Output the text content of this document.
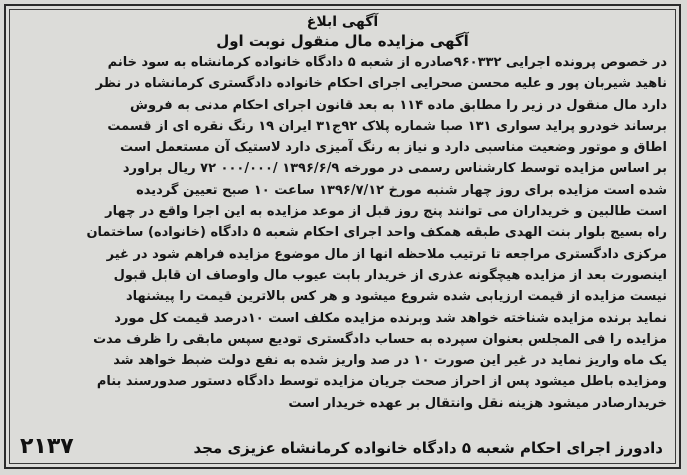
آگهی ابلاغ
آگهی مزایده مال منقول نوبت اول
در خصوص پرونده اجرایی ۹۶۰۳۳۲صادره از شعبه ۵ دادگاه خانواده کرمانشاه به سود خانم
ناهید شیربان پور و علیه محسن صحرایی اجرای احکام خانواده دادگستری کرمانشاه در نظر
دارد مال منقول در زیر را مطابق ماده ۱۱۴ به بعد قانون اجرای احکام مدنی به فروش
برساند خودرو پراید سواری ۱۳۱ صبا شماره پلاک ۹۲ج۳۱ ایران ۱۹ رنگ نقره ای از قسمت
اطاق و موتور وضعیت مناسبی دارد و نیاز به رنگ آمیزی دارد لاستیک آن مستعمل است
بر اساس مزایده توسط کارشناس رسمی در مورخه ۱۳۹۶/۶/۹ /۰۰۰/۰۰۰ ۷۲ ریال براورد
شده است مزایده برای روز چهار شنبه مورخ ۱۳۹۶/۷/۱۲ ساعت ۱۰ صبح تعیین گردیده
است طالبین و خریداران می توانند پنج روز قبل از موعد مزایده به این اجرا واقع در چهار
راه بسیج بلوار بنت الهدی طبقه همکف واحد اجرای احکام شعبه ۵ دادگاه (خانواده) ساختمان
مرکزی دادگستری مراجعه تا ترتیب ملاحظه انها از مال موضوع مزایده فراهم شود در غیر
اینصورت بعد از مزایده هیچگونه عذری از خریدار بابت عیوب مال واوصاف ان قابل قبول
نیست مزایده از قیمت ارزیابی شده شروع میشود و هر کس بالاترین قیمت را پیشنهاد
نماید برنده مزایده شناخته خواهد شد وبرنده مزایده مکلف است ۱۰درصد قیمت کل مورد
مزایده را فی المجلس بعنوان سپرده به حساب دادگستری تودیع سپس مابقی را ظرف مدت
یک ماه واریز نماید در غیر این صورت ۱۰ در صد واریز شده به نفع دولت ضبط خواهد شد
ومزایده باطل میشود پس از احراز صحت جریان مزایده توسط دادگاه دستور صدورسند بنام
خریدارصادر میشود هزینه نقل وانتقال بر عهده خریدار است
دادورز اجرای احکام شعبه ۵ دادگاه خانواده کرمانشاه عزیزی مجد
۲۱۳۷
